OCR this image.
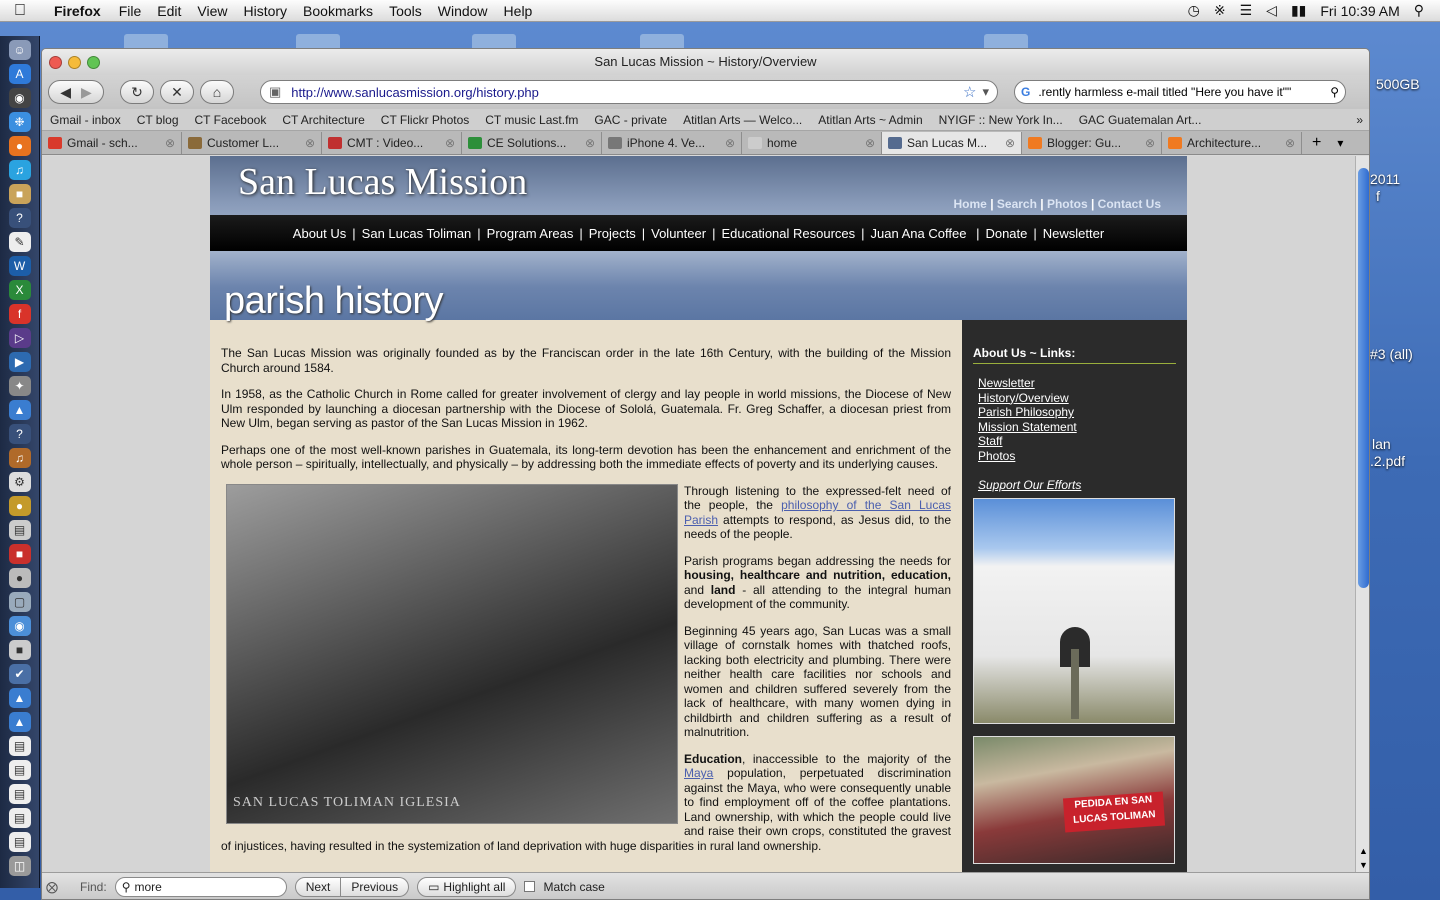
Firefox	File	Edit	View	History	Bookmarks	Tools	Window	Help	◷ ※ ☰ ◁ ▮▮ Fri 10:39 AM ⚲
500GB
2011
f
#3 (all)
lan
.2.pdf
☺
A
◉
❉
●
♫
■
?
✎
W
X
f
▷
▶
✦
▲
?
♫
⚙
●
▤
■
●
▢
◉
■
✔
▲
▲
▤
▤
▤
▤
▤
◫
San Lucas Mission ~ History/Overview
◀ ▶	↻ ✕ ⌂	▣ http://www.sanlucasmission.org/history.php	☆ ▾	G .rently harmless e-mail titled "Here you have it""	⚲
Gmail - inbox	CT blog	CT Facebook	CT Architecture	CT Flickr Photos	CT music Last.fm	GAC - private	Atitlan Arts — Welco...	Atitlan Arts ~ Admin	NYIGF :: New York In...	GAC Guatemalan Art...	»
Gmail - sch...	⊗	Customer L...	⊗	CMT : Video...	⊗	CE Solutions...	⊗	iPhone 4. Ve...	⊗	home	⊗	San Lucas M...	⊗	Blogger: Gu...	⊗	Architecture...	⊗	+	▾
San Lucas Mission
Home | Search | Photos | Contact Us
About Us | San Lucas Toliman | Program Areas | Projects | Volunteer | Educational Resources | Juan Ana Coffee | Donate | Newsletter
parish history

The San Lucas Mission was originally founded as by the Franciscan order in the late 16th Century, with the building of the Mission Church around 1584.

In 1958, as the Catholic Church in Rome called for greater involvement of clergy and lay people in world missions, the Diocese of New Ulm responded by launching a diocesan partnership with the Diocese of Sololá, Guatemala. Fr. Greg Schaffer, a diocesan priest from New Ulm, began serving as pastor of the San Lucas Mission in 1962.

Perhaps one of the most well-known parishes in Guatemala, its long-term devotion has been the enhancement and enrichment of the whole person – spiritually, intellectually, and physically – by addressing both the immediate effects of poverty and its underlying causes.

SAN LUCAS TOLIMAN IGLESIA

Through listening to the expressed-felt need of the people, the philosophy of the San Lucas Parish attempts to respond, as Jesus did, to the needs of the people.

Parish programs began addressing the needs for housing, healthcare and nutrition, education, and land - all attending to the integral human development of the community.

Beginning 45 years ago, San Lucas was a small village of cornstalk homes with thatched roofs, lacking both electricity and plumbing. There were neither health care facilities nor schools and women and children suffered severely from the lack of healthcare, with many women dying in childbirth and children suffering as a result of malnutrition.

Education, inaccessible to the majority of the Maya population, perpetuated discrimination against the Maya, who were consequently unable to find employment off of the coffee plantations. Land ownership, with which the people could live and raise their own crops, constituted the gravest of injustices, having resulted in the systemization of land deprivation with huge disparities in rural land ownership.

About Us ~ Links:
Newsletter
History/Overview
Parish Philosophy
Mission Statement
Staff
Photos
Support Our Efforts
PEDIDA EN SAN LUCAS TOLIMAN
▲
▼
⨂ Find: ⚲ more	Next	Previous	▭ Highlight all	Match case
